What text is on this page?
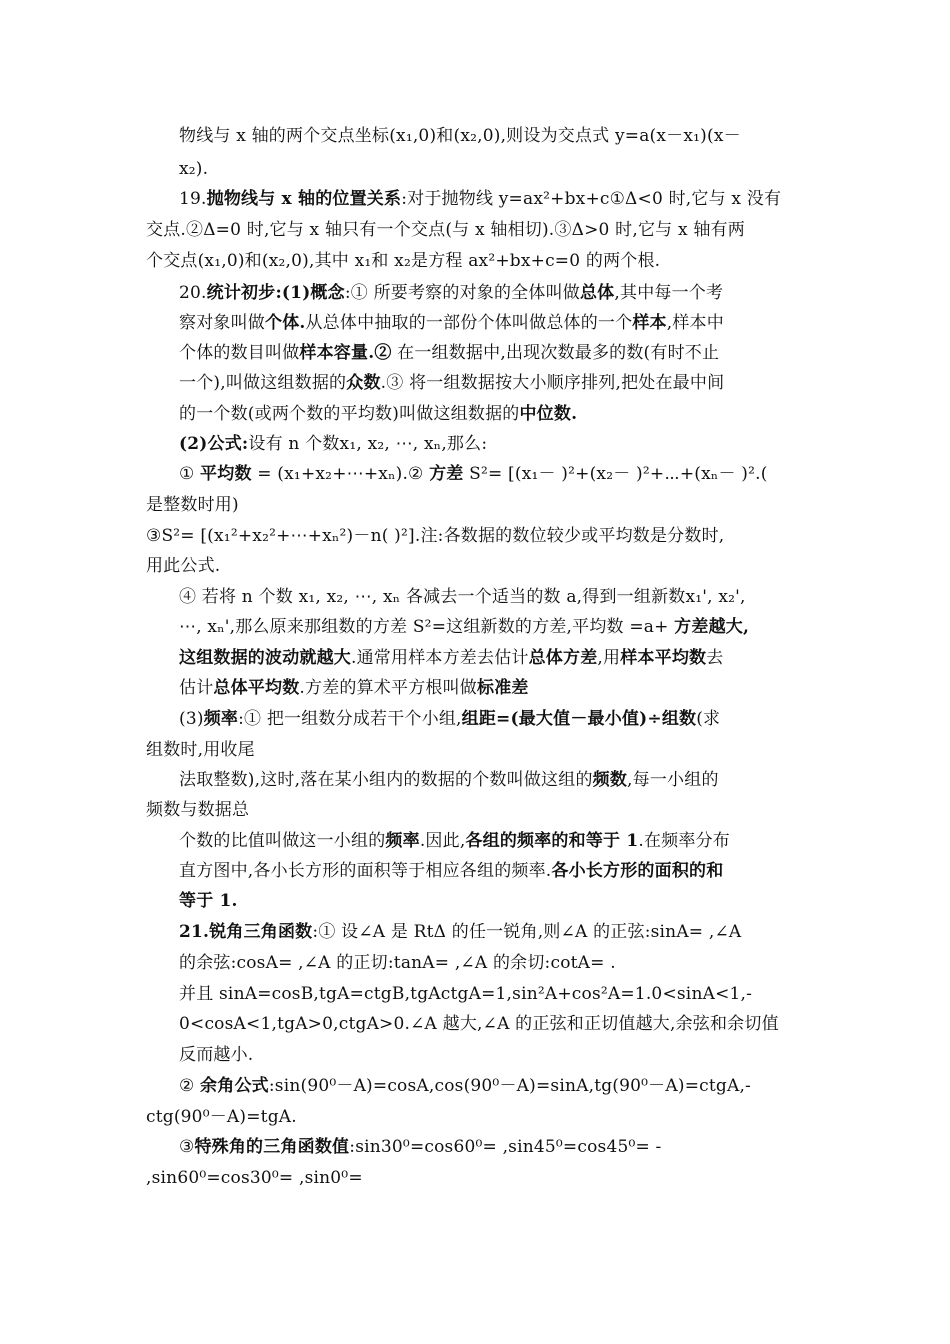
物线与 x 轴的两个交点坐标(x₁,0)和(x₂,0),则设为交点式 y=a(x－x₁)(x－
x₂).
19.抛物线与 x 轴的位置关系:对于抛物线 y=ax²+bx+c①Δ<0 时,它与 x 没有
交点.②Δ=0 时,它与 x 轴只有一个交点(与 x 轴相切).③Δ>0 时,它与 x 轴有两
个交点(x₁,0)和(x₂,0),其中 x₁和 x₂是方程 ax²+bx+c=0 的两个根.
20.统计初步:(1)概念:① 所要考察的对象的全体叫做总体,其中每一个考
察对象叫做个体.从总体中抽取的一部份个体叫做总体的一个样本,样本中
个体的数目叫做样本容量.② 在一组数据中,出现次数最多的数(有时不止
一个),叫做这组数据的众数.③ 将一组数据按大小顺序排列,把处在最中间
的一个数(或两个数的平均数)叫做这组数据的中位数.
(2)公式:设有 n 个数x₁, x₂, ⋯, xₙ,那么:
① 平均数 = (x₁+x₂+⋯+xₙ).② 方差 S²= [(x₁－ )²+(x₂－ )²+⋯+(xₙ－ )².(
是整数时用)
③S²= [(x₁²+x₂²+⋯+xₙ²)－n( )²].注:各数据的数位较少或平均数是分数时,
用此公式.
④ 若将 n 个数 x₁, x₂, ⋯, xₙ 各减去一个适当的数 a,得到一组新数x₁', x₂',
⋯, xₙ',那么原来那组数的方差 S²=这组新数的方差,平均数 =a+ 方差越大,
这组数据的波动就越大.通常用样本方差去估计总体方差,用样本平均数去
估计总体平均数.方差的算术平方根叫做标准差
(3)频率:① 把一组数分成若干个小组,组距=(最大值－最小值)÷组数(求
组数时,用收尾
法取整数),这时,落在某小组内的数据的个数叫做这组的频数,每一小组的
频数与数据总
个数的比值叫做这一小组的频率.因此,各组的频率的和等于 1.在频率分布
直方图中,各小长方形的面积等于相应各组的频率.各小长方形的面积的和
等于 1.
21.锐角三角函数:① 设∠A 是 RtΔ 的任一锐角,则∠A 的正弦:sinA= ,∠A
的余弦:cosA= ,∠A 的正切:tanA= ,∠A 的余切:cotA= .
并且 sinA=cosB,tgA=ctgB,tgActgA=1,sin²A+cos²A=1.0<sinA<1,-
0<cosA<1,tgA>0,ctgA>0.∠A 越大,∠A 的正弦和正切值越大,余弦和余切值
反而越小.
② 余角公式:sin(90⁰－A)=cosA,cos(90⁰－A)=sinA,tg(90⁰－A)=ctgA,-
ctg(90⁰－A)=tgA.
③特殊角的三角函数值:sin30⁰=cos60⁰= ,sin45⁰=cos45⁰= -
,sin60⁰=cos30⁰= ,sin0⁰=
